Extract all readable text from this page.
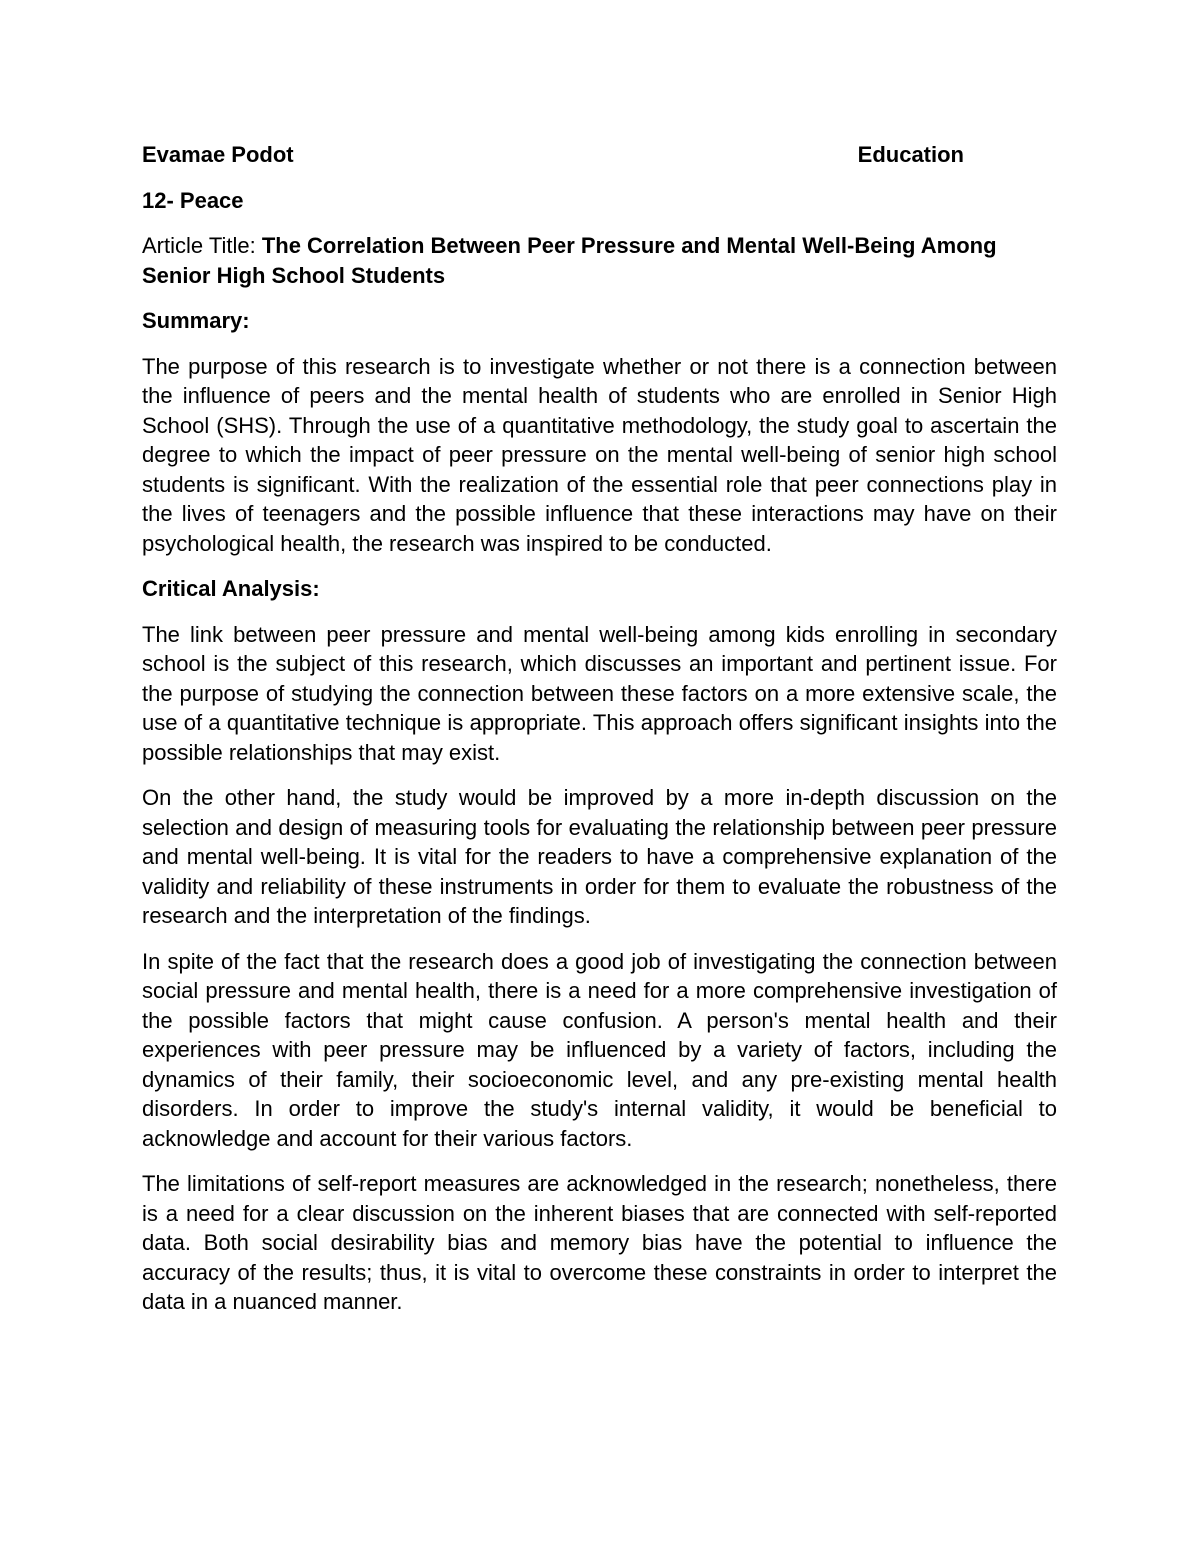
Evamae Podot	Education
12- Peace
Article Title: The Correlation Between Peer Pressure and Mental Well-Being Among Senior High School Students
Summary:

The purpose of this research is to investigate whether or not there is a connection between the influence of peers and the mental health of students who are enrolled in Senior High School (SHS). Through the use of a quantitative methodology, the study goal to ascertain the degree to which the impact of peer pressure on the mental well-being of senior high school students is significant. With the realization of the essential role that peer connections play in the lives of teenagers and the possible influence that these interactions may have on their psychological health, the research was inspired to be conducted.

Critical Analysis:

The link between peer pressure and mental well-being among kids enrolling in secondary school is the subject of this research, which discusses an important and pertinent issue. For the purpose of studying the connection between these factors on a more extensive scale, the use of a quantitative technique is appropriate. This approach offers significant insights into the possible relationships that may exist.

On the other hand, the study would be improved by a more in-depth discussion on the selection and design of measuring tools for evaluating the relationship between peer pressure and mental well-being. It is vital for the readers to have a comprehensive explanation of the validity and reliability of these instruments in order for them to evaluate the robustness of the research and the interpretation of the findings.

In spite of the fact that the research does a good job of investigating the connection between social pressure and mental health, there is a need for a more comprehensive investigation of the possible factors that might cause confusion. A person's mental health and their experiences with peer pressure may be influenced by a variety of factors, including the dynamics of their family, their socioeconomic level, and any pre-existing mental health disorders. In order to improve the study's internal validity, it would be beneficial to acknowledge and account for their various factors.

The limitations of self-report measures are acknowledged in the research; nonetheless, there is a need for a clear discussion on the inherent biases that are connected with self-reported data. Both social desirability bias and memory bias have the potential to influence the accuracy of the results; thus, it is vital to overcome these constraints in order to interpret the data in a nuanced manner.
